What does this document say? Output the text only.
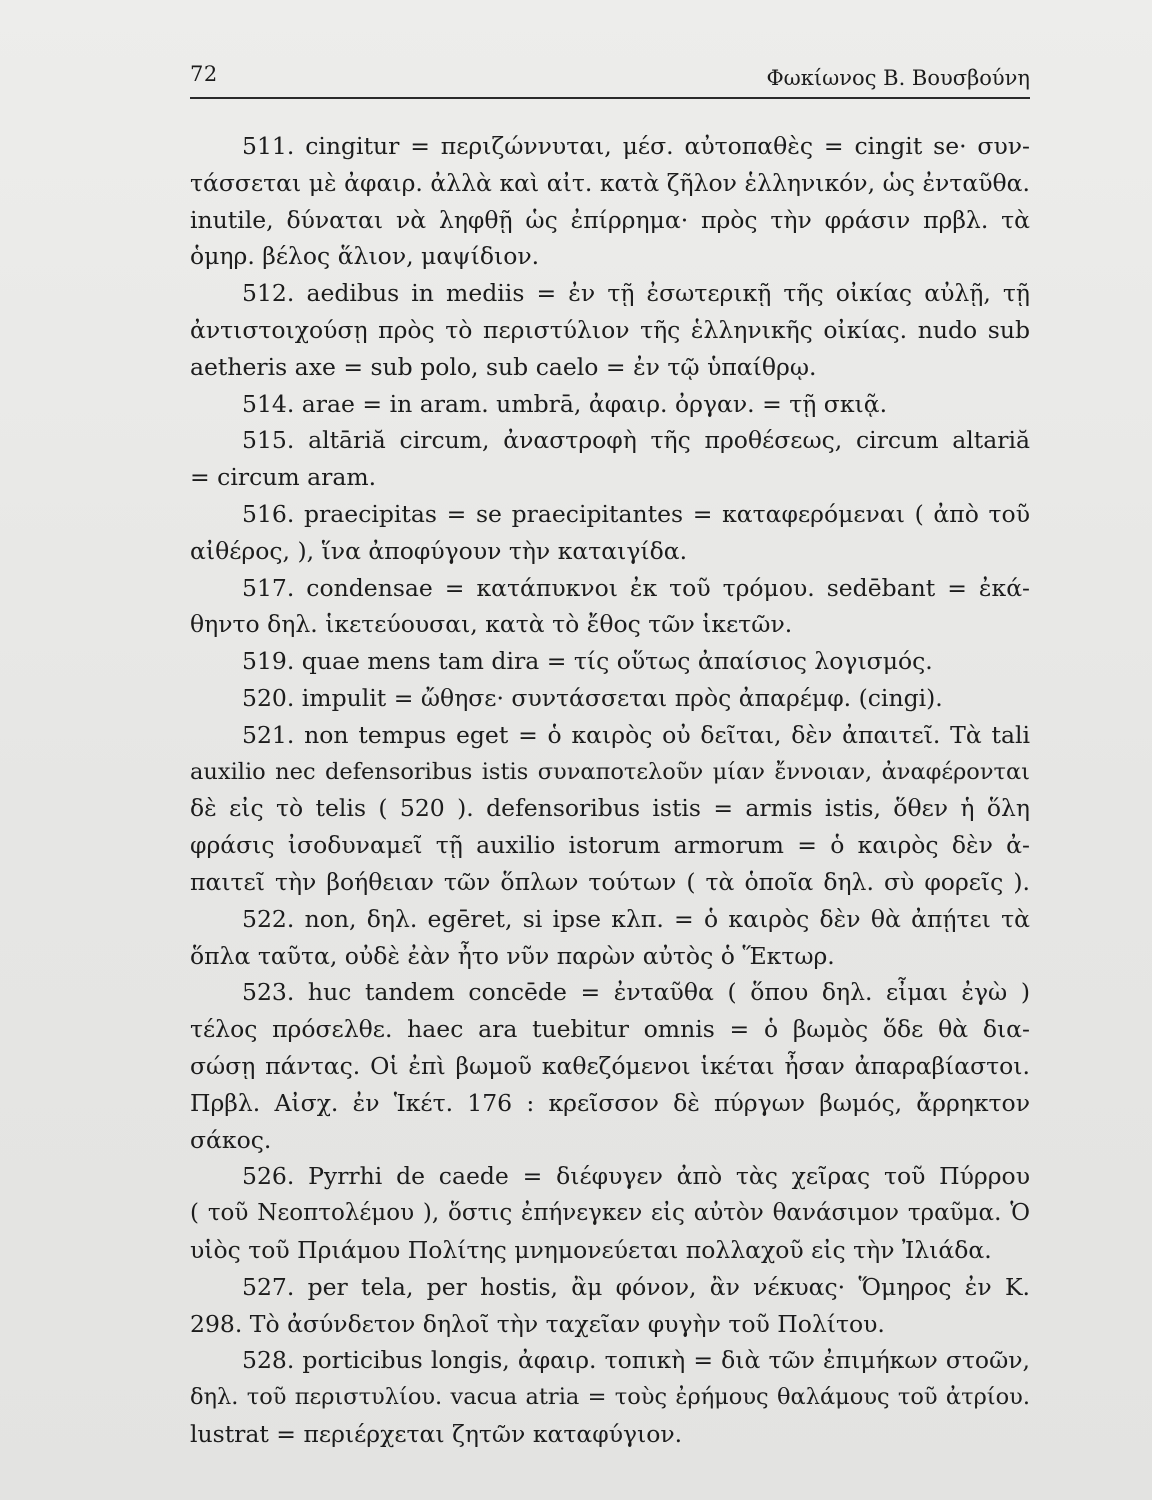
72	Φωκίωνος Β. Βουσβούνη
511. cingitur = περιζώννυται, μέσ. αὐτοπαθὲς = cingit se· συν-
τάσσεται μὲ ἀφαιρ. ἀλλὰ καὶ αἰτ. κατὰ ζῆλον ἑλληνικόν, ὡς ἐνταῦθα.
inutile, δύναται νὰ ληφθῇ ὡς ἐπίρρημα· πρὸς τὴν φράσιν πρβλ. τὰ
ὁμηρ. βέλος ἅλιον, μαψίδιον.
512. aedibus in mediis = ἐν τῇ ἐσωτερικῇ τῆς οἰκίας αὐλῇ, τῇ
ἀντιστοιχούσῃ πρὸς τὸ περιστύλιον τῆς ἑλληνικῆς οἰκίας. nudo sub
aetheris axe = sub polo, sub caelo = ἐν τῷ ὑπαίθρῳ.
514. arae = in aram. umbrā, ἀφαιρ. ὀργαν. = τῇ σκιᾷ.
515. altāriă circum, ἀναστροφὴ τῆς προθέσεως, circum altariă
= circum aram.
516. praecipitas = se praecipitantes = καταφερόμεναι ( ἀπὸ τοῦ
αἰθέρος, ), ἵνα ἀποφύγουν τὴν καταιγίδα.
517. condensae = κατάπυκνοι ἐκ τοῦ τρόμου. sedēbant = ἐκά-
θηντο δηλ. ἱκετεύουσαι, κατὰ τὸ ἔθος τῶν ἱκετῶν.
519. quae mens tam dira = τίς οὕτως ἀπαίσιος λογισμός.
520. impulit = ὤθησε· συντάσσεται πρὸς ἀπαρέμφ. (cingi).
521. non tempus eget = ὁ καιρὸς οὐ δεῖται, δὲν ἀπαιτεῖ. Τὰ tali
auxilio nec defensoribus istis συναποτελοῦν μίαν ἔννοιαν, ἀναφέρονται
δὲ εἰς τὸ telis ( 520 ). defensoribus istis = armis istis, ὅθεν ἡ ὅλη
φράσις ἰσοδυναμεῖ τῇ auxilio istorum armorum = ὁ καιρὸς δὲν ἀ-
παιτεῖ τὴν βοήθειαν τῶν ὅπλων τούτων ( τὰ ὁποῖα δηλ. σὺ φορεῖς ).
522. non, δηλ. egēret, si ipse κλπ. = ὁ καιρὸς δὲν θὰ ἀπῄτει τὰ
ὅπλα ταῦτα, οὐδὲ ἐὰν ἦτο νῦν παρὼν αὐτὸς ὁ Ἕκτωρ.
523. huc tandem concēde = ἐνταῦθα ( ὅπου δηλ. εἶμαι ἐγὼ )
τέλος πρόσελθε. haec ara tuebitur omnis = ὁ βωμὸς ὅδε θὰ δια-
σώσῃ πάντας. Οἱ ἐπὶ βωμοῦ καθεζόμενοι ἱκέται ἦσαν ἀπαραβίαστοι.
Πρβλ. Αἰσχ. ἐν Ἱκέτ. 176 : κρεῖσσον δὲ πύργων βωμός, ἄρρηκτον
σάκος.
526. Pyrrhi de caede = διέφυγεν ἀπὸ τὰς χεῖρας τοῦ Πύρρου
( τοῦ Νεοπτολέμου ), ὅστις ἐπήνεγκεν εἰς αὐτὸν θανάσιμον τραῦμα. Ὁ
υἱὸς τοῦ Πριάμου Πολίτης μνημονεύεται πολλαχοῦ εἰς τὴν Ἰλιάδα.
527. per tela, per hostis, ἂμ φόνον, ἂν νέκυας· Ὅμηρος ἐν Κ.
298. Τὸ ἀσύνδετον δηλοῖ τὴν ταχεῖαν φυγὴν τοῦ Πολίτου.
528. porticibus longis, ἀφαιρ. τοπικὴ = διὰ τῶν ἐπιμήκων στοῶν,
δηλ. τοῦ περιστυλίου. vacua atria = τοὺς ἐρήμους θαλάμους τοῦ ἀτρίου.
lustrat = περιέρχεται ζητῶν καταφύγιον.
